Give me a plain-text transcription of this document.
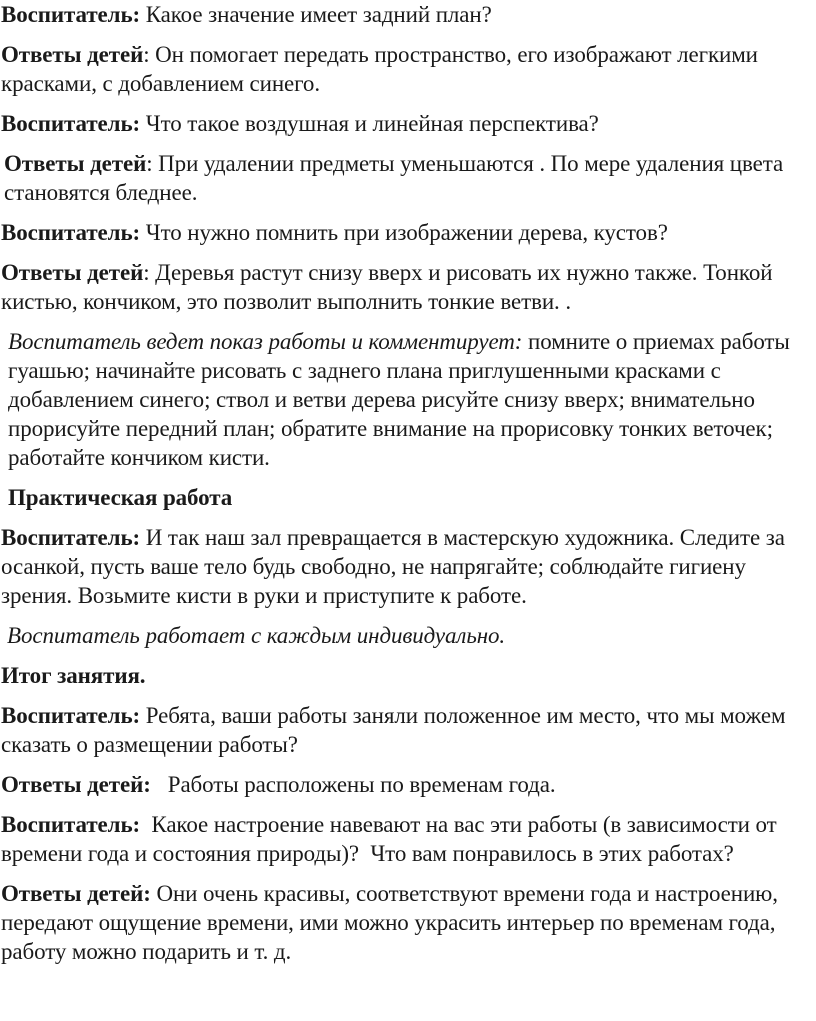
Воспитатель: Какое значение имеет задний план?

Ответы детей: Он помогает передать пространство, его изображают легкими красками, с добавлением синего.

Воспитатель: Что такое воздушная и линейная перспектива?

Ответы детей: При удалении предметы уменьшаются . По мере удаления цвета становятся бледнее.

Воспитатель: Что нужно помнить при изображении дерева, кустов?

Ответы детей: Деревья растут снизу вверх и рисовать их нужно также. Тонкой кистью, кончиком, это позволит выполнить тонкие ветви. .

Воспитатель ведет показ работы и комментирует: помните о приемах работы гуашью; начинайте рисовать с заднего плана приглушенными красками с добавлением синего; ствол и ветви дерева рисуйте снизу вверх; внимательно прорисуйте передний план; обратите внимание на прорисовку тонких веточек; работайте кончиком кисти.

Практическая работа

Воспитатель: И так наш зал превращается в мастерскую художника. Следите за осанкой, пусть ваше тело будь свободно, не напрягайте; соблюдайте гигиену зрения. Возьмите кисти в руки и приступите к работе.

Воспитатель работает с каждым индивидуально.

Итог занятия.

Воспитатель: Ребята, ваши работы заняли положенное им место, что мы можем сказать о размещении работы?

Ответы детей:   Работы расположены по временам года.

Воспитатель:  Какое настроение навевают на вас эти работы (в зависимости от времени года и состояния природы)?  Что вам понравилось в этих работах?

Ответы детей: Они очень красивы, соответствуют времени года и настроению, передают ощущение времени, ими можно украсить интерьер по временам года, работу можно подарить и т. д.
